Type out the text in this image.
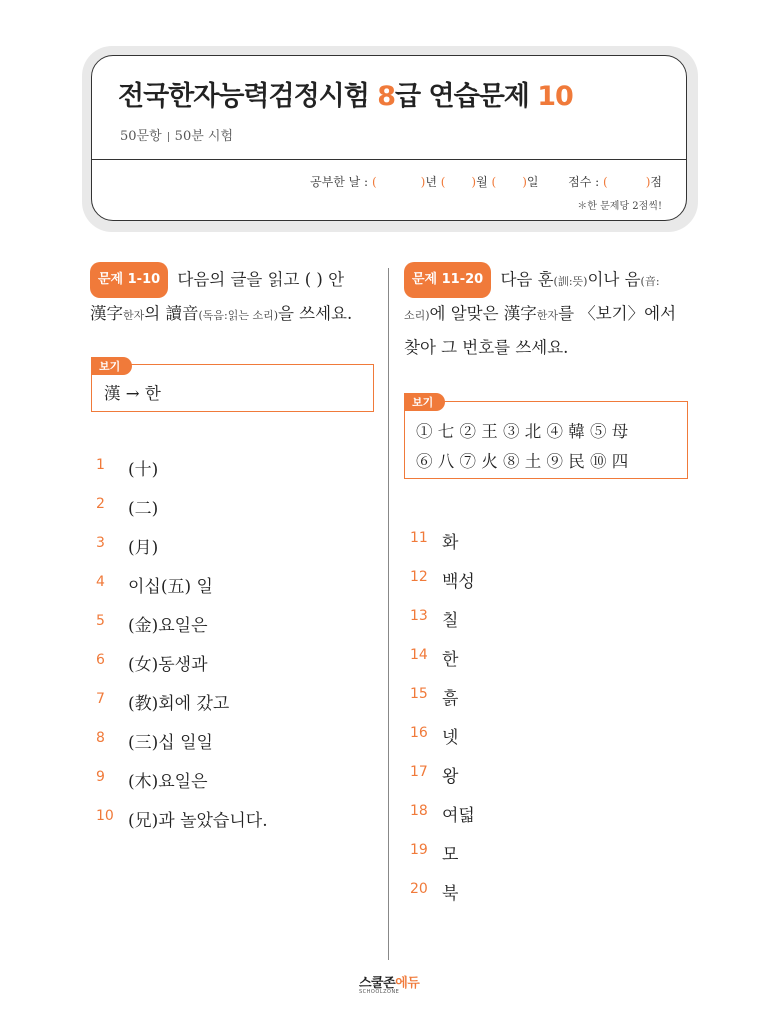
전국한자능력검정시험 8급 연습문제 10
50문항 50분 시험
공부한 날 : (	)년 ( )월 ( )일 점수 : (	)점
＊한 문제당 2점씩!
문제 1-10 다음의 글을 읽고 ( ) 안
漢字한자의 讀音(독음:읽는 소리)을 쓰세요.
보기
漢 → 한
1 (十)
2 (二)
3 (月)
4 이십(五) 일
5 (金)요일은
6 (女)동생과
7 (教)회에 갔고
8 (三)십 일일
9 (木)요일은
10 (兄)과 놀았습니다.
문제 11-20 다음 훈(訓:뜻)이나 음(音:
소리)에 알맞은 漢字한자를 〈보기〉에서
찾아 그 번호를 쓰세요.
보기
① 七 ② 王 ③ 北 ④ 韓 ⑤ 母
⑥ 八 ⑦ 火 ⑧ 土 ⑨ 民 ⑩ 四
11 화
12 백성
13 칠
14 한
15 흙
16 넷
17 왕
18 여덟
19 모
20 북
스쿨존에듀
SCHOOLZONE
